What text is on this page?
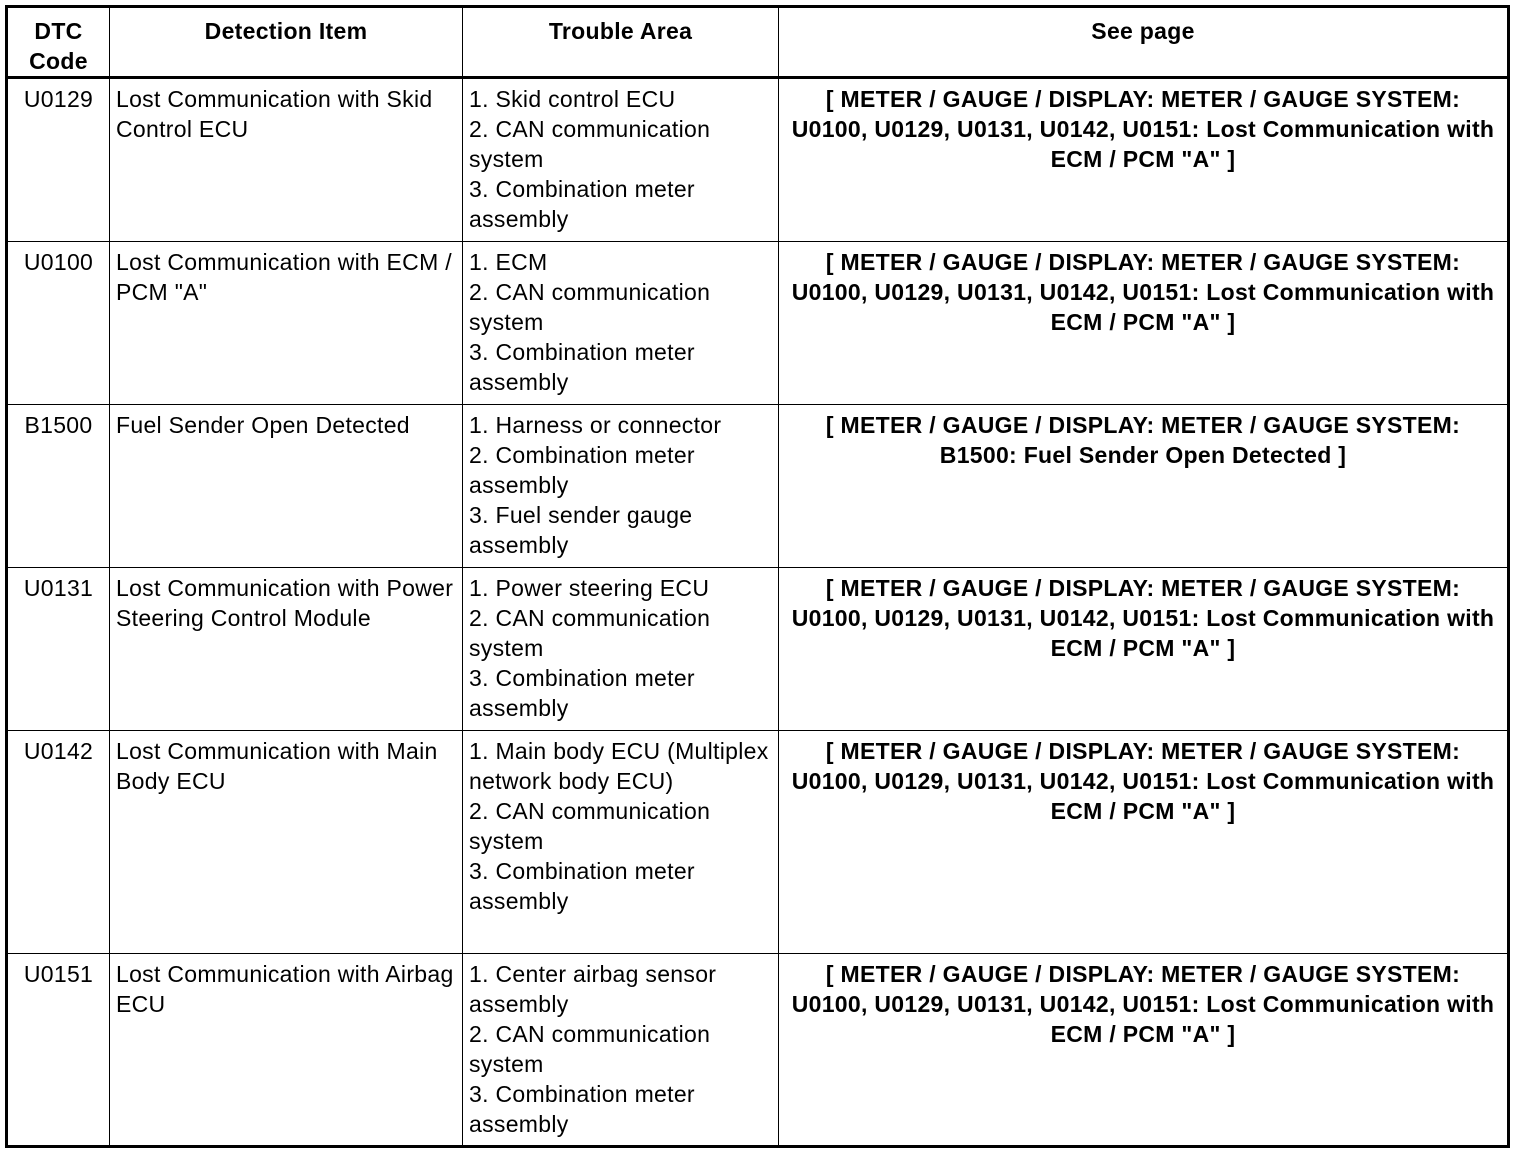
DTC Code	Detection Item	Trouble Area	See page
U0129	Lost Communication with Skid Control ECU	1. Skid control ECU
2. CAN communication system
3. Combination meter assembly	[ METER / GAUGE / DISPLAY: METER / GAUGE SYSTEM: U0100, U0129, U0131, U0142, U0151: Lost Communication with ECM / PCM "A" ]
U0100	Lost Communication with ECM / PCM "A"	1. ECM
2. CAN communication system
3. Combination meter assembly	[ METER / GAUGE / DISPLAY: METER / GAUGE SYSTEM: U0100, U0129, U0131, U0142, U0151: Lost Communication with ECM / PCM "A" ]
B1500	Fuel Sender Open Detected	1. Harness or connector
2. Combination meter assembly
3. Fuel sender gauge assembly	[ METER / GAUGE / DISPLAY: METER / GAUGE SYSTEM: B1500: Fuel Sender Open Detected ]
U0131	Lost Communication with Power Steering Control Module	1. Power steering ECU
2. CAN communication system
3. Combination meter assembly	[ METER / GAUGE / DISPLAY: METER / GAUGE SYSTEM: U0100, U0129, U0131, U0142, U0151: Lost Communication with ECM / PCM "A" ]
U0142	Lost Communication with Main Body ECU	1. Main body ECU (Multiplex network body ECU)
2. CAN communication system
3. Combination meter assembly	[ METER / GAUGE / DISPLAY: METER / GAUGE SYSTEM: U0100, U0129, U0131, U0142, U0151: Lost Communication with ECM / PCM "A" ]
U0151	Lost Communication with Airbag ECU	1. Center airbag sensor assembly
2. CAN communication system
3. Combination meter assembly	[ METER / GAUGE / DISPLAY: METER / GAUGE SYSTEM: U0100, U0129, U0131, U0142, U0151: Lost Communication with ECM / PCM "A" ]
